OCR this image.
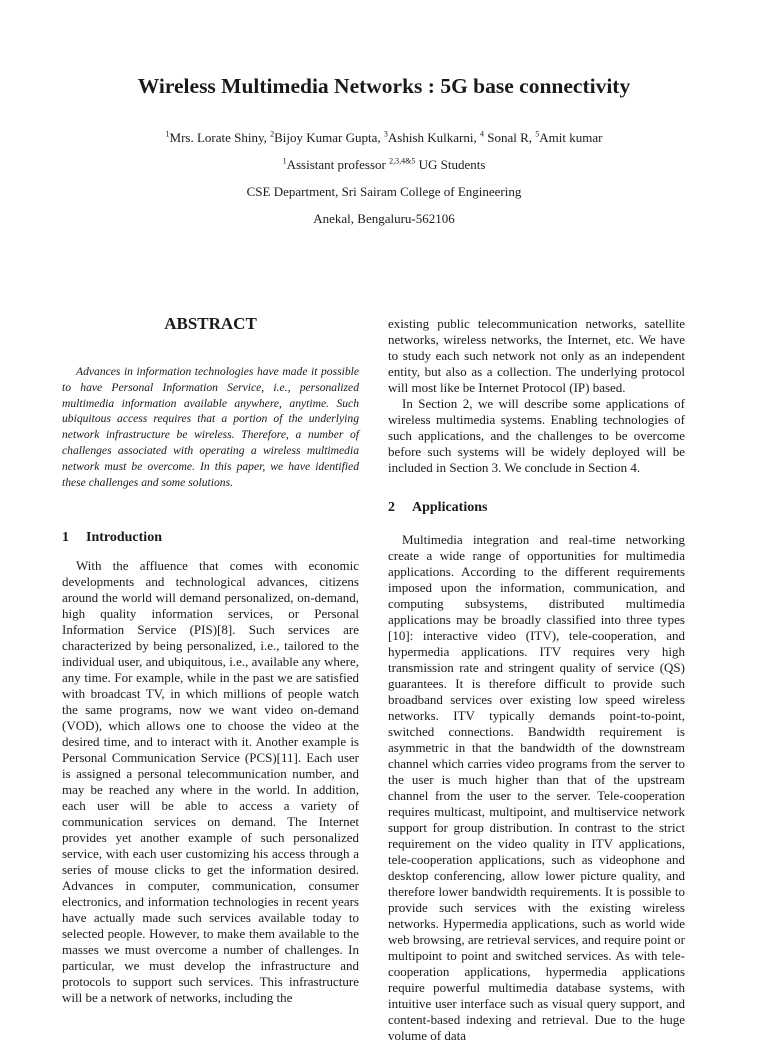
Wireless Multimedia Networks : 5G base connectivity

$^1$Mrs. Lorate Shiny, $^2$Bijoy Kumar Gupta, $^3$Ashish Kulkarni, $^4$ Sonal R, $^5$Amit kumar

$^1$Assistant professor $^{2,3,4\&5}$ UG Students

CSE Department, Sri Sairam College of Engineering

Anekal, Bengaluru-562106

ABSTRACT

Advances in information technologies have made it possible to have Personal Information Service, i.e., personalized multimedia information available anywhere, anytime. Such ubiquitous access requires that a portion of the underlying network infrastructure be wireless. Therefore, a number of challenges associated with operating a wireless multimedia network must be overcome. In this paper, we have identified these challenges and some solutions.

1 Introduction

With the affluence that comes with economic developments and technological advances, citizens around the world will demand personalized, on-demand, high quality information services, or Personal Information Service (PIS)[8]. Such services are characterized by being personalized, i.e., tailored to the individual user, and ubiquitous, i.e., available any where, any time. For example, while in the past we are satisfied with broadcast TV, in which millions of people watch the same programs, now we want video on-demand (VOD), which allows one to choose the video at the desired time, and to interact with it. Another example is Personal Communication Service (PCS)[11]. Each user is assigned a personal telecommunication number, and may be reached any where in the world. In addition, each user will be able to access a variety of communication services on demand. The Internet provides yet another example of such personalized service, with each user customizing his access through a series of mouse clicks to get the information desired. Advances in computer, communication, consumer electronics, and information technologies in recent years have actually made such services available today to selected people. However, to make them available to the masses we must overcome a number of challenges. In particular, we must develop the infrastructure and protocols to support such services. This infrastructure will be a network of networks, including the

existing public telecommunication networks, satellite networks, wireless networks, the Internet, etc. We have to study each such network not only as an independent entity, but also as a collection. The underlying protocol will most like be Internet Protocol (IP) based.

In Section 2, we will describe some applications of wireless multimedia systems. Enabling technologies of such applications, and the challenges to be overcome before such systems will be widely deployed will be included in Section 3. We conclude in Section 4.

2 Applications

Multimedia integration and real-time networking create a wide range of opportunities for multimedia applications. According to the different requirements imposed upon the information, communication, and computing subsystems, distributed multimedia applications may be broadly classified into three types [10]: interactive video (ITV), tele-cooperation, and hypermedia applications. ITV requires very high transmission rate and stringent quality of service (QS) guarantees. It is therefore difficult to provide such broadband services over existing low speed wireless networks. ITV typically demands point-to-point, switched connections. Bandwidth requirement is asymmetric in that the bandwidth of the downstream channel which carries video programs from the server to the user is much higher than that of the upstream channel from the user to the server. Tele-cooperation requires multicast, multipoint, and multiservice network support for group distribution. In contrast to the strict requirement on the video quality in ITV applications, tele-cooperation applications, such as videophone and desktop conferencing, allow lower picture quality, and therefore lower bandwidth requirements. It is possible to provide such services with the existing wireless networks. Hypermedia applications, such as world wide web browsing, are retrieval services, and require point or multipoint to point and switched services. As with tele-cooperation applications, hypermedia applications require powerful multimedia database systems, with intuitive user interface such as visual query support, and content-based indexing and retrieval. Due to the huge volume of data
